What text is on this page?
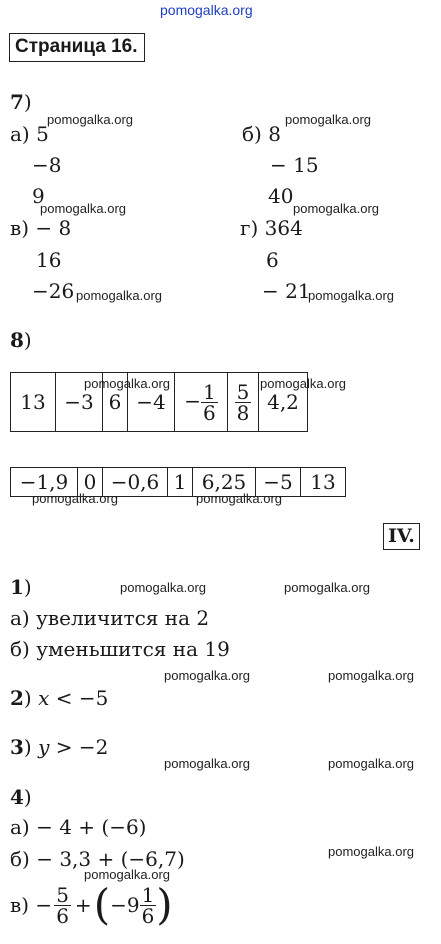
pomogalka.org
Страница 16.
7)
а) 5
−8
9
б) 8
− 15
40
в) − 8
16
−26
г) 364
6
− 21
pomogalka.org	pomogalka.org
pomogalka.org	pomogalka.org
pomogalka.org	pomogalka.org
8)
13	−3	6	−4	− $\frac{1}{6}$	$\frac{5}{8}$	4,2
pomogalka.org	pomogalka.org
−1,9	0	−0,6	1	6,25	−5	13
pomogalka.org	pomogalka.org
IV.
1)	pomogalka.org	pomogalka.org
а) увеличится на 2
б) уменьшится на 19
pomogalka.org	pomogalka.org
2) x < −5
3) y > −2
pomogalka.org	pomogalka.org
4)
а) − 4 + (−6)
б) − 3,3 + (−6,7)	pomogalka.org
pomogalka.org
$в) - \frac{5}{6}$ + ( $-9 \frac{1}{6}$ )
